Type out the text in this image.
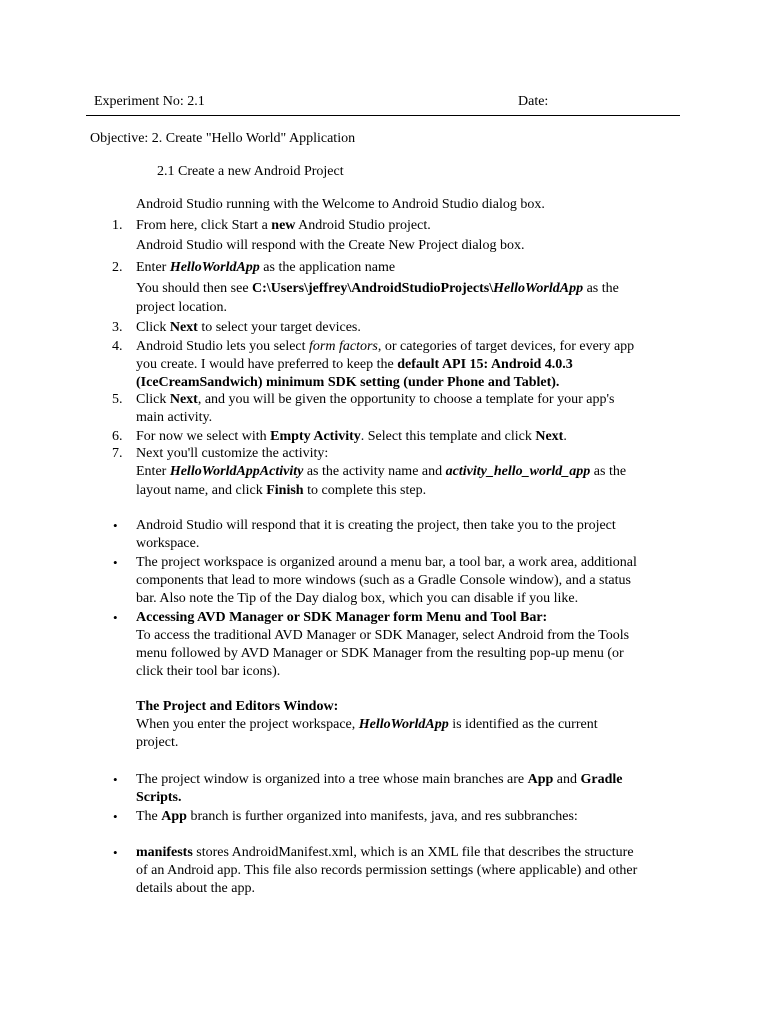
Experiment No: 2.1	Date:
Objective: 2. Create "Hello World" Application
2.1 Create a new Android Project
Android Studio running with the Welcome to Android Studio dialog box.
1. From here, click Start a new Android Studio project.
Android Studio will respond with the Create New Project dialog box.
2. Enter HelloWorldApp as the application name
You should then see C:\Users\jeffrey\AndroidStudioProjects\HelloWorldApp as the
project location.
3. Click Next to select your target devices.
4. Android Studio lets you select form factors, or categories of target devices, for every app
you create. I would have preferred to keep the default API 15: Android 4.0.3
(IceCreamSandwich) minimum SDK setting (under Phone and Tablet).
5. Click Next, and you will be given the opportunity to choose a template for your app's
main activity.
6. For now we select with Empty Activity. Select this template and click Next.
7. Next you'll customize the activity:
Enter HelloWorldAppActivity as the activity name and activity_hello_world_app as the
layout name, and click Finish to complete this step.
• Android Studio will respond that it is creating the project, then take you to the project
workspace.
• The project workspace is organized around a menu bar, a tool bar, a work area, additional
components that lead to more windows (such as a Gradle Console window), and a status
bar. Also note the Tip of the Day dialog box, which you can disable if you like.
• Accessing AVD Manager or SDK Manager form Menu and Tool Bar:
To access the traditional AVD Manager or SDK Manager, select Android from the Tools
menu followed by AVD Manager or SDK Manager from the resulting pop-up menu (or
click their tool bar icons).
The Project and Editors Window:
When you enter the project workspace, HelloWorldApp is identified as the current
project.
• The project window is organized into a tree whose main branches are App and Gradle
Scripts.
• The App branch is further organized into manifests, java, and res subbranches:
• manifests stores AndroidManifest.xml, which is an XML file that describes the structure
of an Android app. This file also records permission settings (where applicable) and other
details about the app.
